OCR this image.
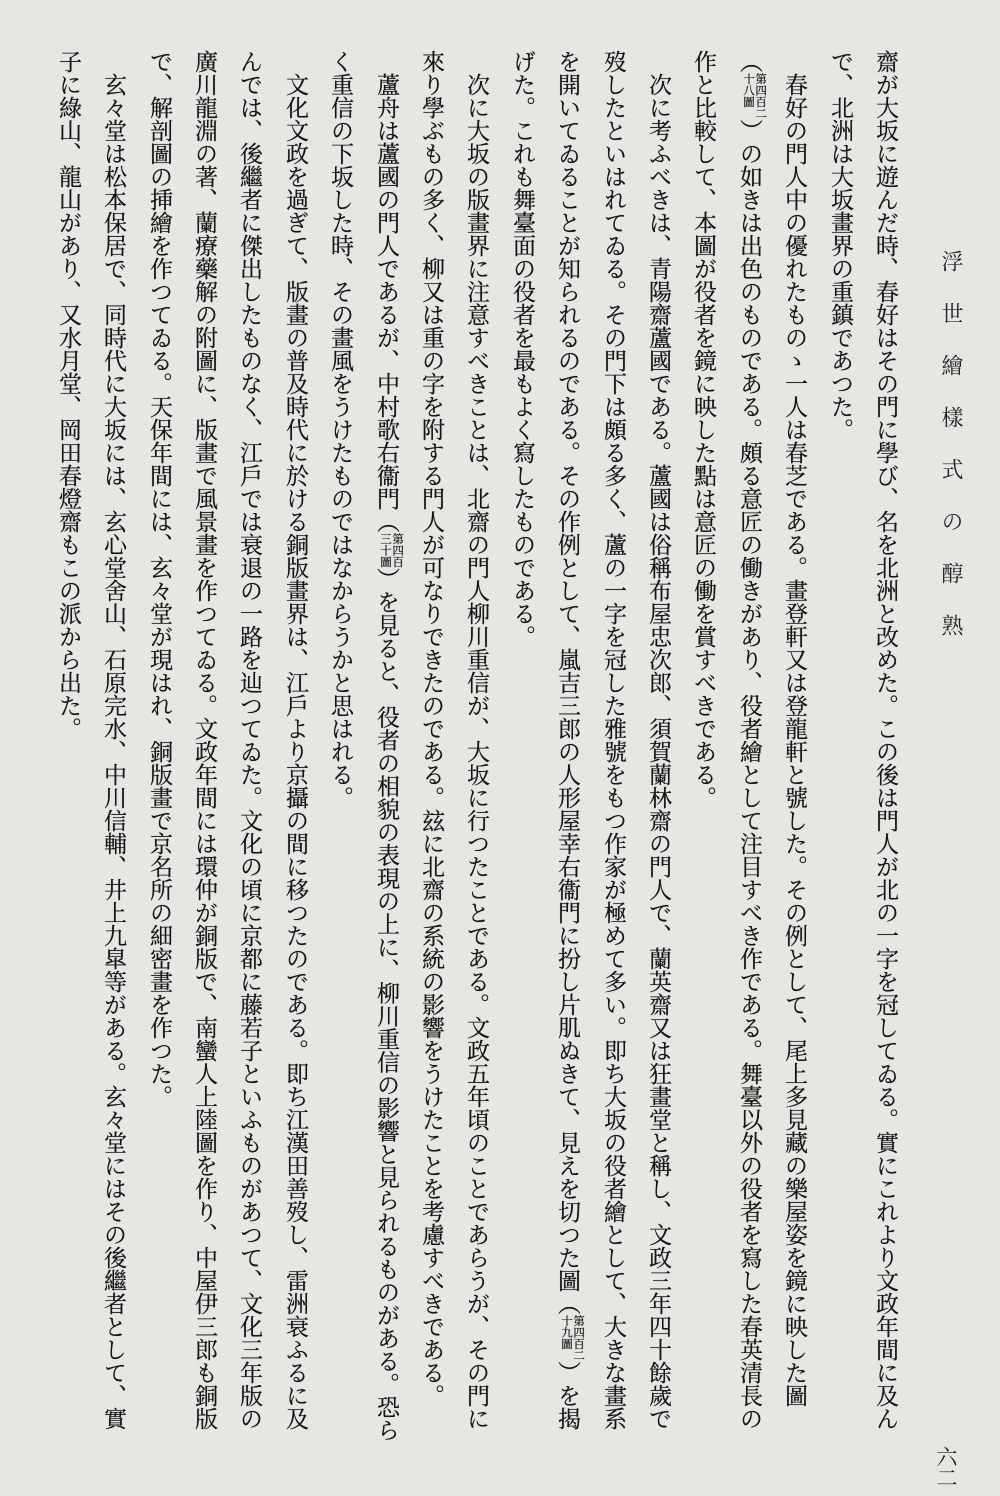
浮世繪樣式の醇熟
六二
齋が大坂に遊んだ時、春好はその門に學び、名を北洲と改めた。この後は門人が北の一字を冠してゐる。實にこれより文政年間に及ん
で、北洲は大坂畫界の重鎮であつた。
春好の門人中の優れたものゝ一人は春芝である。畫登軒又は登龍軒と號した。その例として、尾上多見藏の樂屋姿を鏡に映した圖
（
第四百二
十八圖
）の如きは出色のものである。頗る意匠の働きがあり、役者繪として注目すべき作である。舞臺以外の役者を寫した春英清長の
作と比較して、本圖が役者を鏡に映した點は意匠の働を賞すべきである。
次に考ふべきは、青陽齋蘆國である。蘆國は俗稱布屋忠次郎、須賀蘭林齋の門人で、蘭英齋又は狂畫堂と稱し、文政三年四十餘歲で
歿したといはれてゐる。その門下は頗る多く、蘆の一字を冠した雅號をもつ作家が極めて多い。即ち大坂の役者繪として、大きな畫系
を開いてゐることが知られるのである。その作例として、嵐吉三郎の人形屋幸右衞門に扮し片肌ぬきて、見えを切つた圖（
第四百二
十九圖
）を揭
げた。これも舞臺面の役者を最もよく寫したものである。
次に大坂の版畫界に注意すべきことは、北齋の門人柳川重信が、大坂に行つたことである。文政五年頃のことであらうが、その門に
來り學ぶもの多く、柳又は重の字を附する門人が可なりできたのである。玆に北齋の系統の影響をうけたことを考慮すべきである。
蘆舟は蘆國の門人であるが、中村歌右衞門（
第四百
三十圖
）を見ると、役者の相貌の表現の上に、柳川重信の影響と見られるものがある。恐ら
く重信の下坂した時、その畫風をうけたものではなからうかと思はれる。
文化文政を過ぎて、版畫の普及時代に於ける銅版畫界は、江戶より京攝の間に移つたのである。即ち江漢田善歿し、雷洲衰ふるに及
んでは、後繼者に傑出したものなく、江戶では衰退の一路を辿つてゐた。文化の頃に京都に藤若子といふものがあつて、文化三年版の
廣川龍淵の著、蘭療藥解の附圖に、版畫で風景畫を作つてゐる。文政年間には環仲が銅版で、南蠻人上陸圖を作り、中屋伊三郎も銅版
で、解剖圖の挿繪を作つてゐる。天保年間には、玄々堂が現はれ、銅版畫で京名所の細密畫を作つた。
玄々堂は松本保居で、同時代に大坂には、玄心堂舍山、石原完水、中川信輔、井上九皐等がある。玄々堂にはその後繼者として、實
子に綠山、龍山があり、又水月堂、岡田春燈齋もこの派から出た。
